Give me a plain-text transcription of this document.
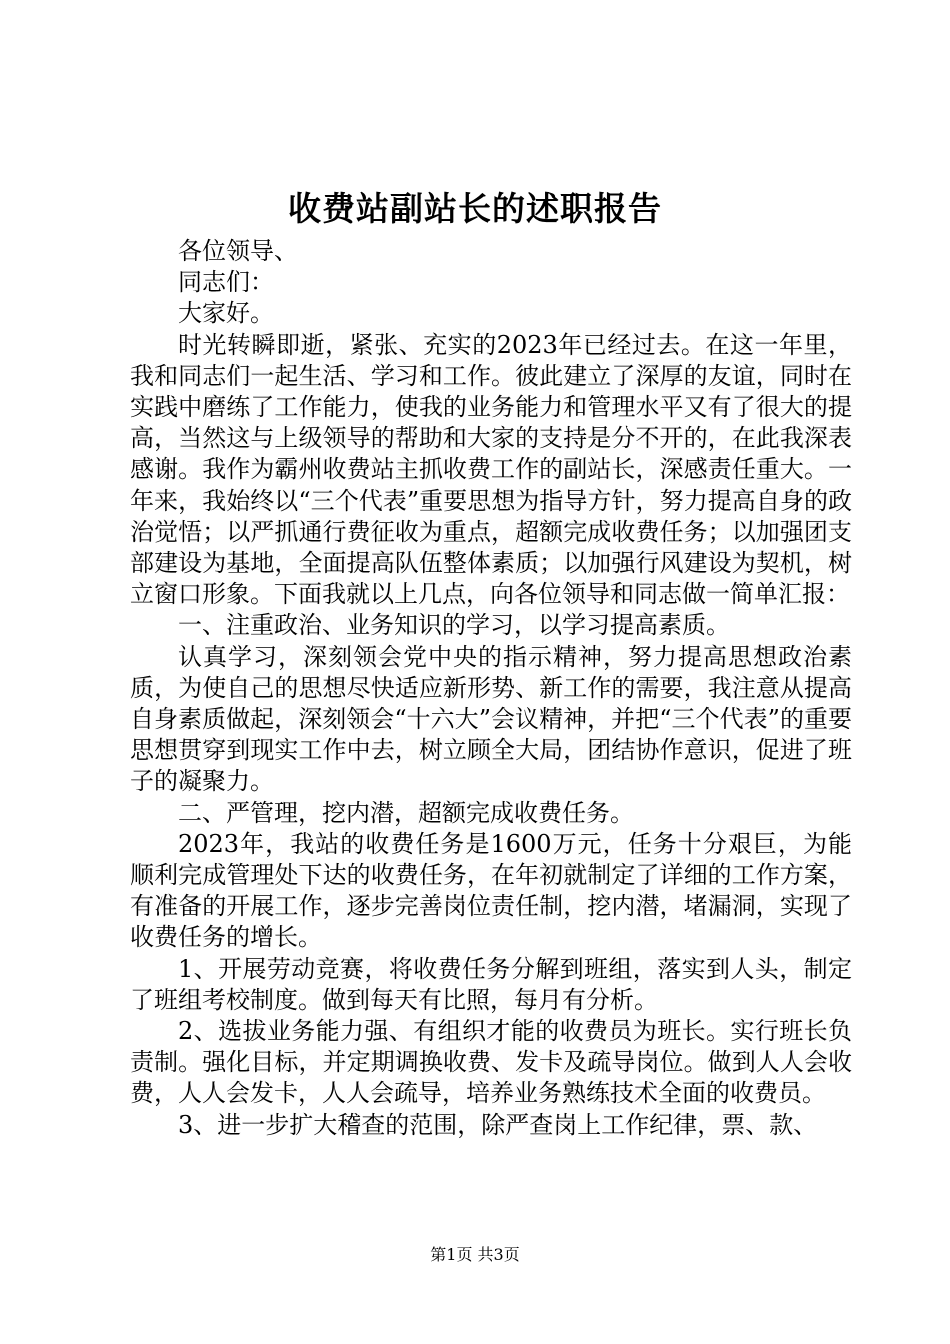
收费站副站长的述职报告

各位领导、

同志们：

大家好。

时光转瞬即逝，紧张、充实的2023年已经过去。在这一年里，我和同志们一起生活、学习和工作。彼此建立了深厚的友谊，同时在实践中磨练了工作能力，使我的业务能力和管理水平又有了很大的提高，当然这与上级领导的帮助和大家的支持是分不开的，在此我深表感谢。我作为霸州收费站主抓收费工作的副站长，深感责任重大。一年来，我始终以“三个代表”重要思想为指导方针，努力提高自身的政治觉悟；以严抓通行费征收为重点，超额完成收费任务；以加强团支部建设为基地，全面提高队伍整体素质；以加强行风建设为契机，树立窗口形象。下面我就以上几点，向各位领导和同志做一简单汇报：

一、注重政治、业务知识的学习，以学习提高素质。

认真学习，深刻领会党中央的指示精神，努力提高思想政治素质，为使自己的思想尽快适应新形势、新工作的需要，我注意从提高自身素质做起，深刻领会“十六大”会议精神，并把“三个代表”的重要思想贯穿到现实工作中去，树立顾全大局，团结协作意识，促进了班子的凝聚力。

二、严管理，挖内潜，超额完成收费任务。

2023年，我站的收费任务是1600万元，任务十分艰巨，为能顺利完成管理处下达的收费任务，在年初就制定了详细的工作方案，有准备的开展工作，逐步完善岗位责任制，挖内潜，堵漏洞，实现了收费任务的增长。

1、开展劳动竞赛，将收费任务分解到班组，落实到人头，制定了班组考校制度。做到每天有比照，每月有分析。

2、选拔业务能力强、有组织才能的收费员为班长。实行班长负责制。强化目标，并定期调换收费、发卡及疏导岗位。做到人人会收费，人人会发卡，人人会疏导，培养业务熟练技术全面的收费员。

3、进一步扩大稽查的范围，除严查岗上工作纪律，票、款、

第1页 共3页
